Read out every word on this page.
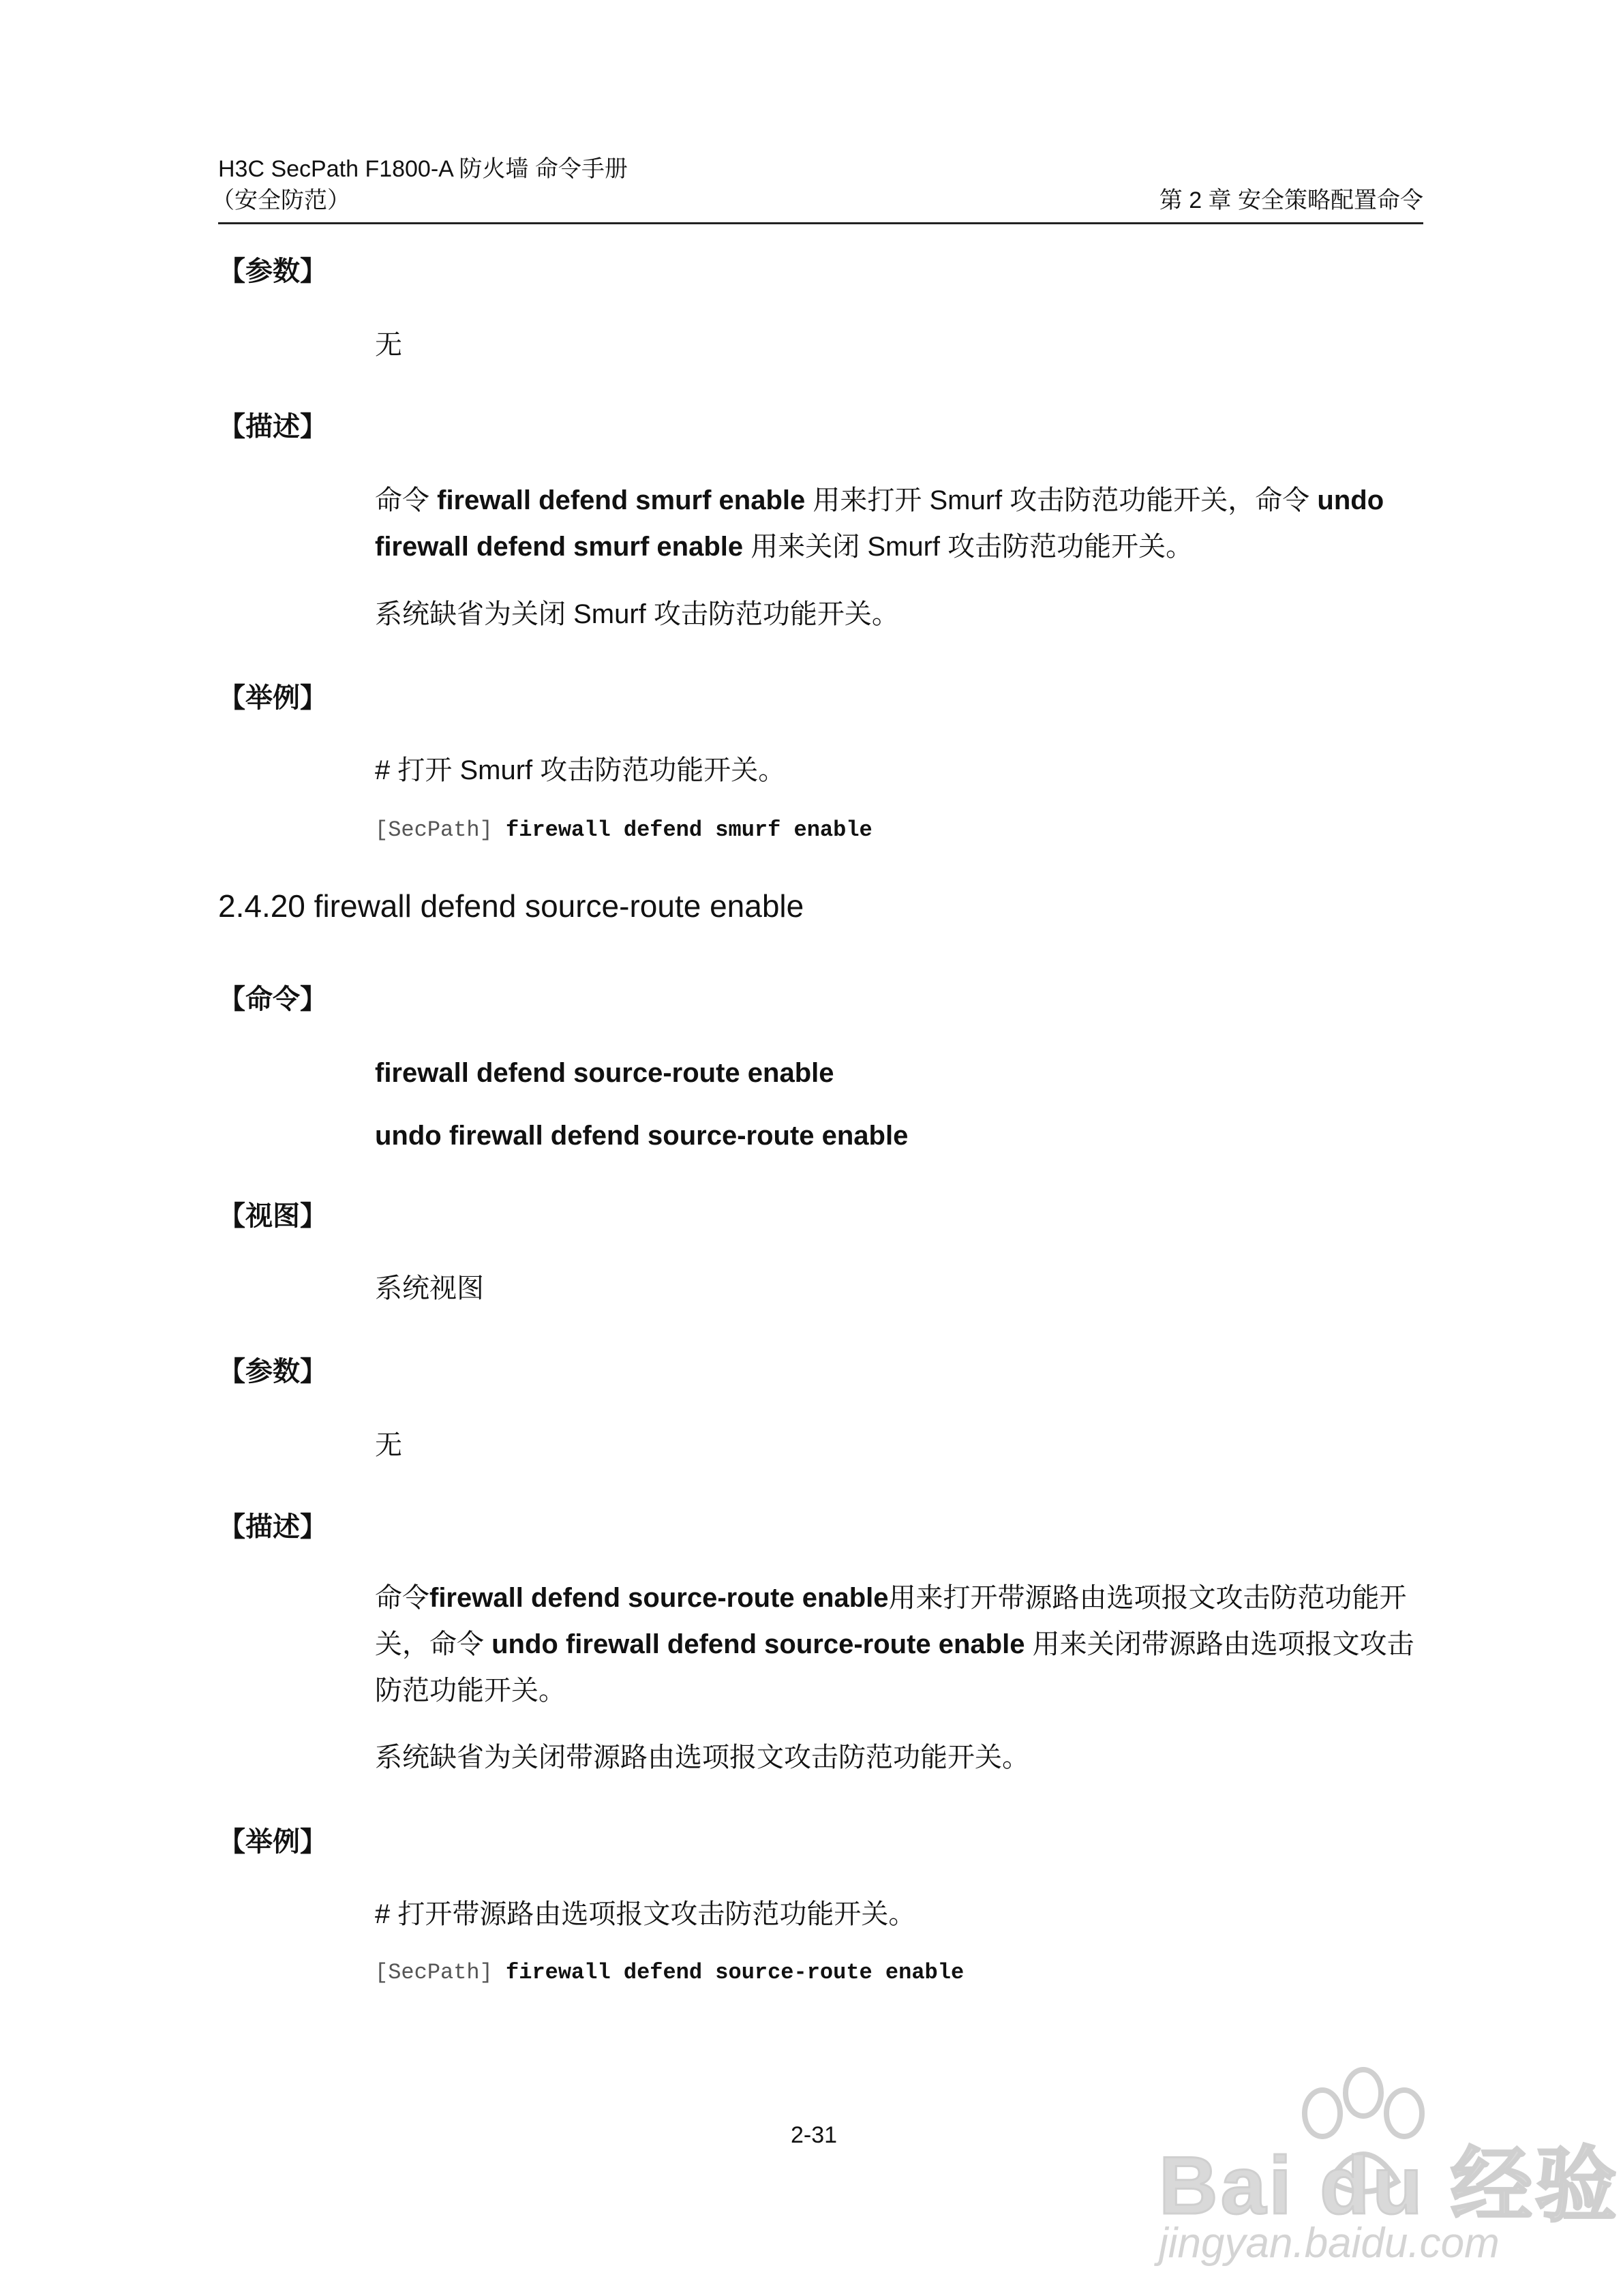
H3C SecPath F1800-A 防火墙 命令手册
（安全防范）	第 2 章 安全策略配置命令
【参数】
无
【描述】
命令 firewall defend smurf enable 用来打开 Smurf 攻击防范功能开关，命令 undo firewall defend smurf enable 用来关闭 Smurf 攻击防范功能开关。
系统缺省为关闭 Smurf 攻击防范功能开关。
【举例】
# 打开 Smurf 攻击防范功能开关。
[SecPath] firewall defend smurf enable
2.4.20 firewall defend source-route enable
【命令】
firewall defend source-route enable
undo firewall defend source-route enable
【视图】
系统视图
【参数】
无
【描述】
命令firewall defend source-route enable用来打开带源路由选项报文攻击防范功能开关，命令 undo firewall defend source-route enable 用来关闭带源路由选项报文攻击防范功能开关。
系统缺省为关闭带源路由选项报文攻击防范功能开关。
【举例】
# 打开带源路由选项报文攻击防范功能开关。
[SecPath] firewall defend source-route enable
2-31
Bai du 经验
jingyan.baidu.com
